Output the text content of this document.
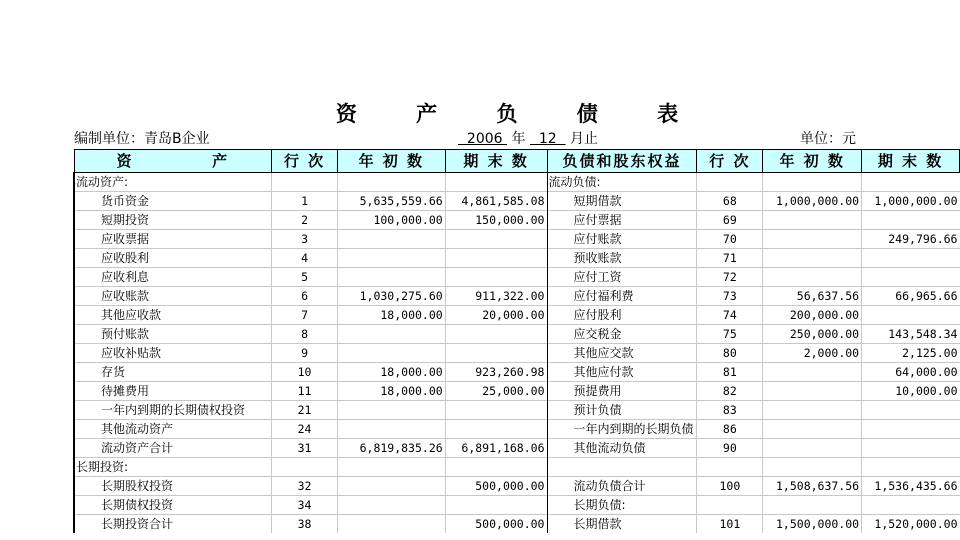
资 产 负 债 表
编制单位：青岛B企业	2006 年 12 月止	单位：元
资 产	行 次	年 初 数	期 末 数	负债和股东权益	行 次	年 初 数	期 末 数
流动资产:				流动负债:			
货币资金	1	5,635,559.66	4,861,585.08	短期借款	68	1,000,000.00	1,000,000.00
短期投资	2	100,000.00	150,000.00	应付票据	69		
应收票据	3			应付账款	70		249,796.66
应收股利	4			预收账款	71		
应收利息	5			应付工资	72		
应收账款	6	1,030,275.60	911,322.00	应付福利费	73	56,637.56	66,965.66
其他应收款	7	18,000.00	20,000.00	应付股利	74	200,000.00	
预付账款	8			应交税金	75	250,000.00	143,548.34
应收补贴款	9			其他应交款	80	2,000.00	2,125.00
存货	10	18,000.00	923,260.98	其他应付款	81		64,000.00
待摊费用	11	18,000.00	25,000.00	预提费用	82		10,000.00
一年内到期的长期债权投资	21			预计负债	83		
其他流动资产	24			一年内到期的长期负债	86		
流动资产合计	31	6,819,835.26	6,891,168.06	其他流动负债	90		
长期投资:							
长期股权投资	32		500,000.00	流动负债合计	100	1,508,637.56	1,536,435.66
长期债权投资	34			长期负债:			
长期投资合计	38		500,000.00	长期借款	101	1,500,000.00	1,520,000.00
